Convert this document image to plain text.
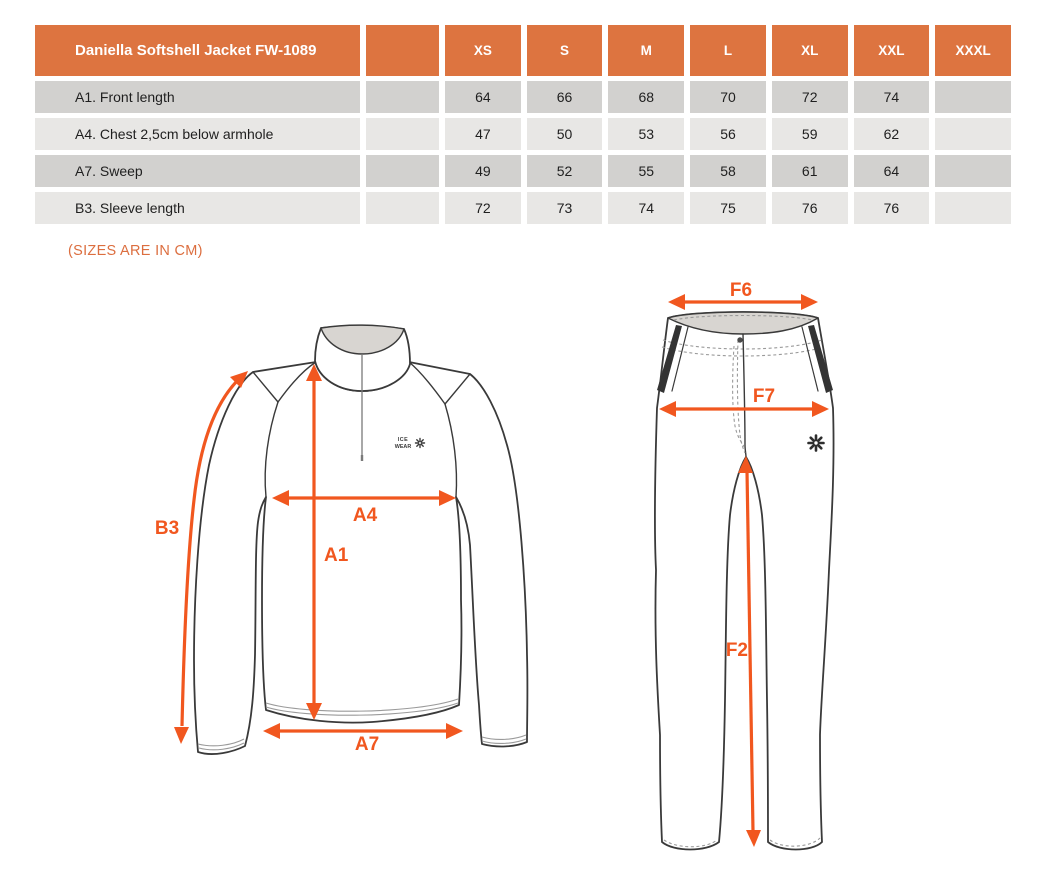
Daniella Softshell Jacket FW-1089	XS	S	M	L	XL	XXL	XXXL
A1. Front length	64	66	68	70	72	74
A4. Chest 2,5cm below armhole	47	50	53	56	59	62
A7. Sweep	49	52	55	58	61	64
B3. Sleeve length	72	73	74	75	76	76
(SIZES ARE IN CM)
ICE
WEAR
B3
A1
A4
A7
F6
F7
F2
